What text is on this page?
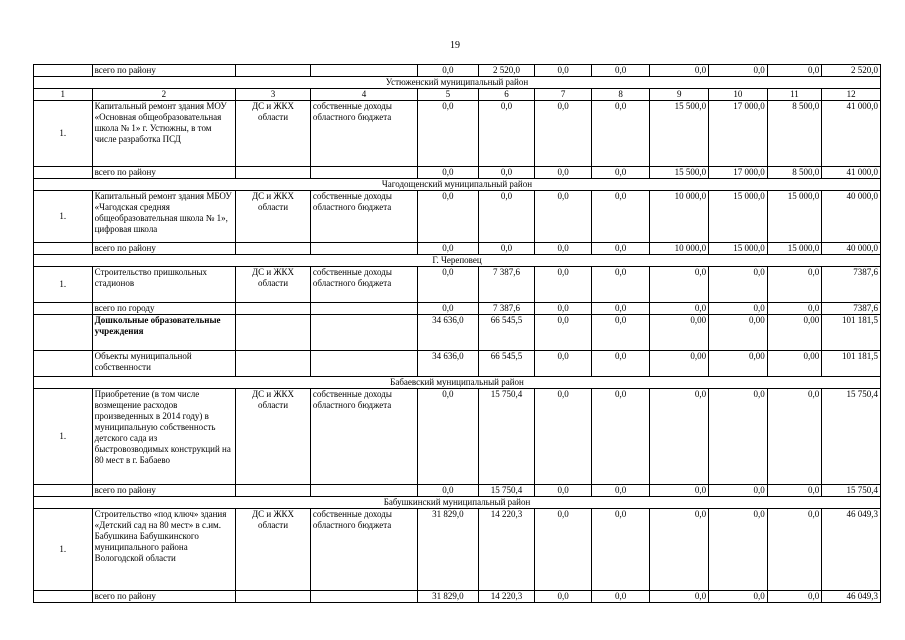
19
	всего по району			0,0	2 520,0	0,0	0,0	0,0	0,0	0,0	2 520,0
Устюженский муниципальный район											
1	2	3	4	5	6	7	8	9	10	11	12
1.	Капитальный ремонт здания МОУ «Основная общеобразовательная школа № 1» г. Устюжны, в том числе разработка ПСД	ДС и ЖКХ области	собственные доходы областного бюджета	0,0	0,0	0,0	0,0	15 500,0	17 000,0	8 500,0	41 000,0
	всего по району			0,0	0,0	0,0	0,0	15 500,0	17 000,0	8 500,0	41 000,0
Чагодощенский муниципальный район											
1.	Капитальный ремонт здания МБОУ «Чагодская средняя общеобразовательная школа № 1», цифровая школа	ДС и ЖКХ области	собственные доходы областного бюджета	0,0	0,0	0,0	0,0	10 000,0	15 000,0	15 000,0	40 000,0
	всего по району			0,0	0,0	0,0	0,0	10 000,0	15 000,0	15 000,0	40 000,0
Г. Череповец											
1.	Строительство пришкольных стадионов	ДС и ЖКХ области	собственные доходы областного бюджета	0,0	7 387,6	0,0	0,0	0,0	0,0	0,0	7387,6
	всего по городу			0,0	7 387,6	0,0	0,0	0,0	0,0	0,0	7387,6
	Дошкольные образовательные учреждения			34 636,0	66 545,5	0,0	0,0	0,00	0,00	0,00	101 181,5
	Объекты муниципальной собственности			34 636,0	66 545,5	0,0	0,0	0,00	0,00	0,00	101 181,5
Бабаевский муниципальный район											
1.	Приобретение (в том числе возмещение расходов произведенных в 2014 году) в муниципальную собственность детского сада из быстровозводимых конструкций на 80 мест в г. Бабаево	ДС и ЖКХ области	собственные доходы областного бюджета	0,0	15 750,4	0,0	0,0	0,0	0,0	0,0	15 750,4
	всего по району			0,0	15 750,4	0,0	0,0	0,0	0,0	0,0	15 750,4
Бабушкинский муниципальный район											
1.	Строительство «под ключ» здания «Детский сад на 80 мест» в с.им. Бабушкина Бабушкинского муниципального района Вологодской области	ДС и ЖКХ области	собственные доходы областного бюджета	31 829,0	14 220,3	0,0	0,0	0,0	0,0	0,0	46 049,3
	всего по району			31 829,0	14 220,3	0,0	0,0	0,0	0,0	0,0	46 049,3
